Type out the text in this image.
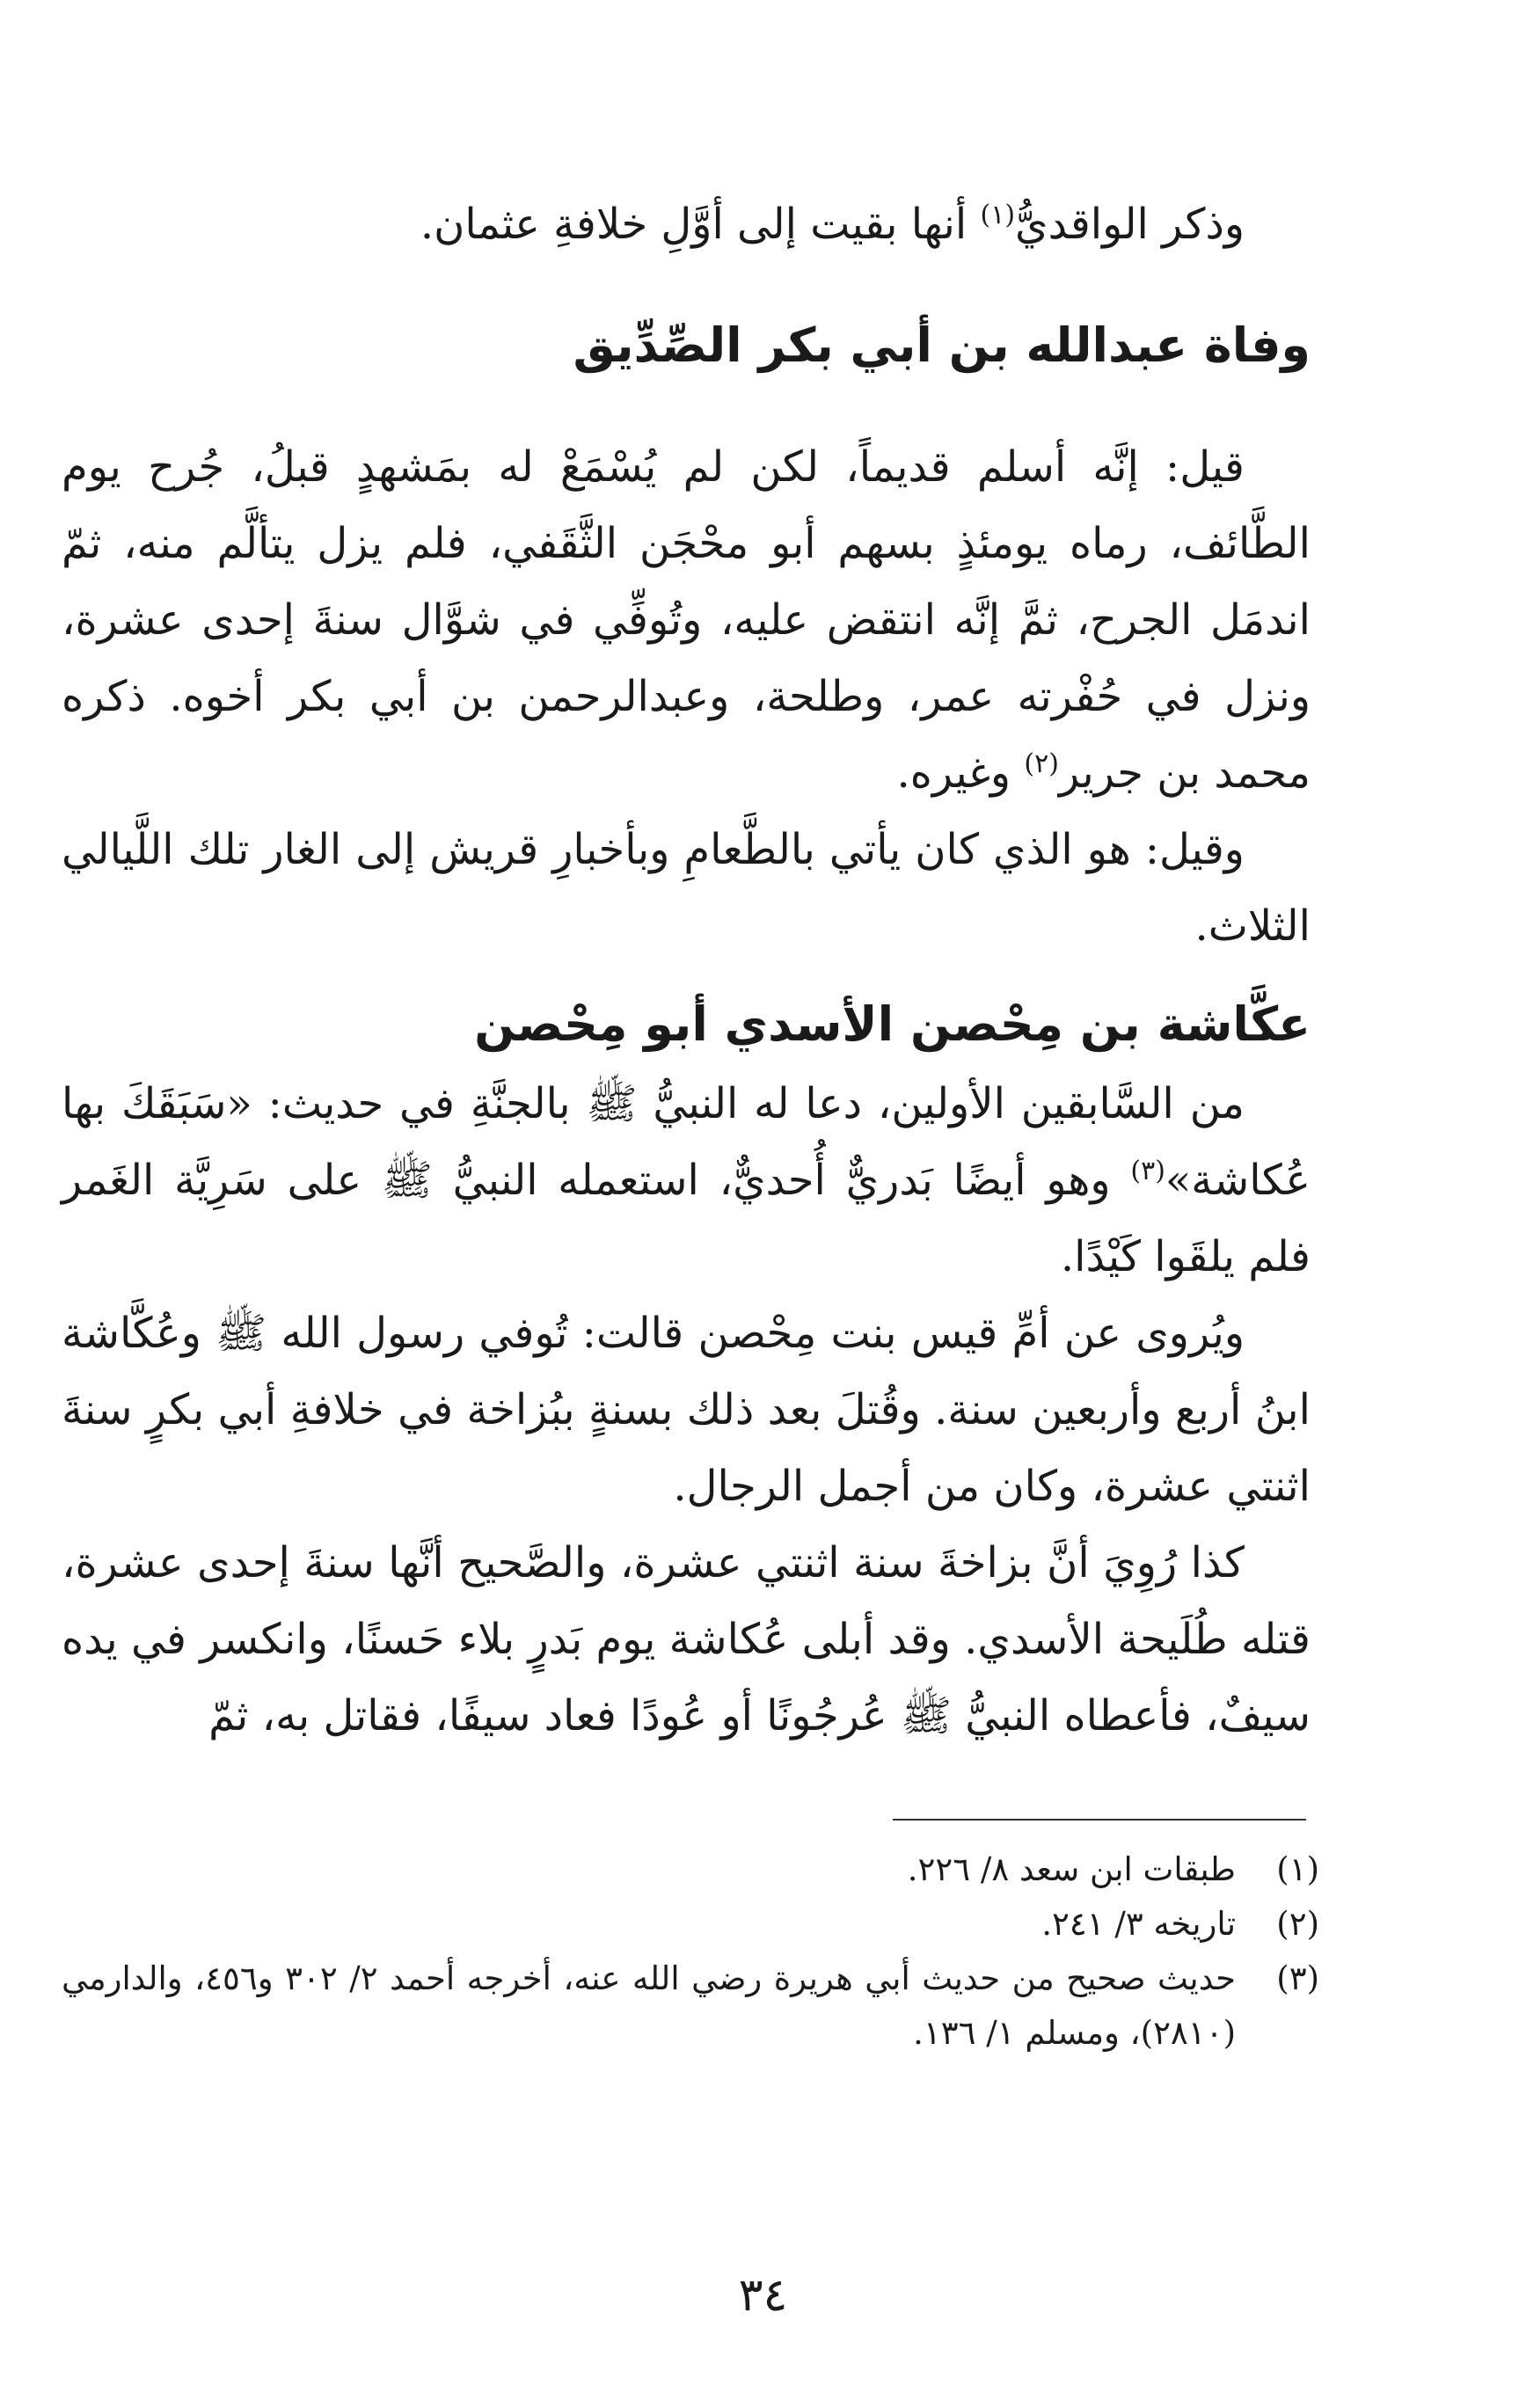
وذكر الواقديُّ$^{(١)}$ أنها بقيت إلى أوَّلِ خلافةِ عثمان.

وفاة عبدالله بن أبي بكر الصِّدِّيق

قيل: إنَّه أسلم قديماً، لكن لم يُسْمَعْ له بمَشهدٍ قبلُ، جُرح يوم الطَّائف، رماه يومئذٍ بسهم أبو محْجَن الثَّقَفي، فلم يزل يتألَّم منه، ثمّ اندمَل الجرح، ثمَّ إنَّه انتقض عليه، وتُوفِّي في شوَّال سنةَ إحدى عشرة، ونزل في حُفْرته عمر، وطلحة، وعبدالرحمن بن أبي بكر أخوه. ذكره محمد بن جرير$^{(٢)}$ وغيره.

وقيل: هو الذي كان يأتي بالطَّعامِ وبأخبارِ قريش إلى الغار تلك اللَّيالي الثلاث.

عكَّاشة بن مِحْصن الأسدي أبو مِحْصن

من السَّابقين الأولين، دعا له النبيُّ ﷺ بالجنَّةِ في حديث: «سَبَقَكَ بها عُكاشة»$^{(٣)}$ وهو أيضًا بَدريٌّ أُحديٌّ، استعمله النبيُّ ﷺ على سَرِيَّة الغَمر فلم يلقَوا كَيْدًا.

ويُروى عن أمِّ قيس بنت مِحْصن قالت: تُوفي رسول الله ﷺ وعُكَّاشة ابنُ أربع وأربعين سنة. وقُتلَ بعد ذلك بسنةٍ ببُزاخة في خلافةِ أبي بكرٍ سنةَ اثنتي عشرة، وكان من أجمل الرجال.

كذا رُوِيَ أنَّ بزاخةَ سنة اثنتي عشرة، والصَّحيح أنَّها سنةَ إحدى عشرة، قتله طُلَيحة الأسدي. وقد أبلى عُكاشة يوم بَدرٍ بلاء حَسنًا، وانكسر في يده سيفٌ، فأعطاه النبيُّ ﷺ عُرجُونًا أو عُودًا فعاد سيفًا، فقاتل به، ثمّ

(١)
طبقات ابن سعد ٨/ ٢٢٦.
(٢)
تاريخه ٣/ ٢٤١.
(٣)
حديث صحيح من حديث أبي هريرة رضي الله عنه، أخرجه أحمد ٢/ ٣٠٢ و٤٥٦، والدارمي (٢٨١٠)، ومسلم ١/ ١٣٦.
٣٤
